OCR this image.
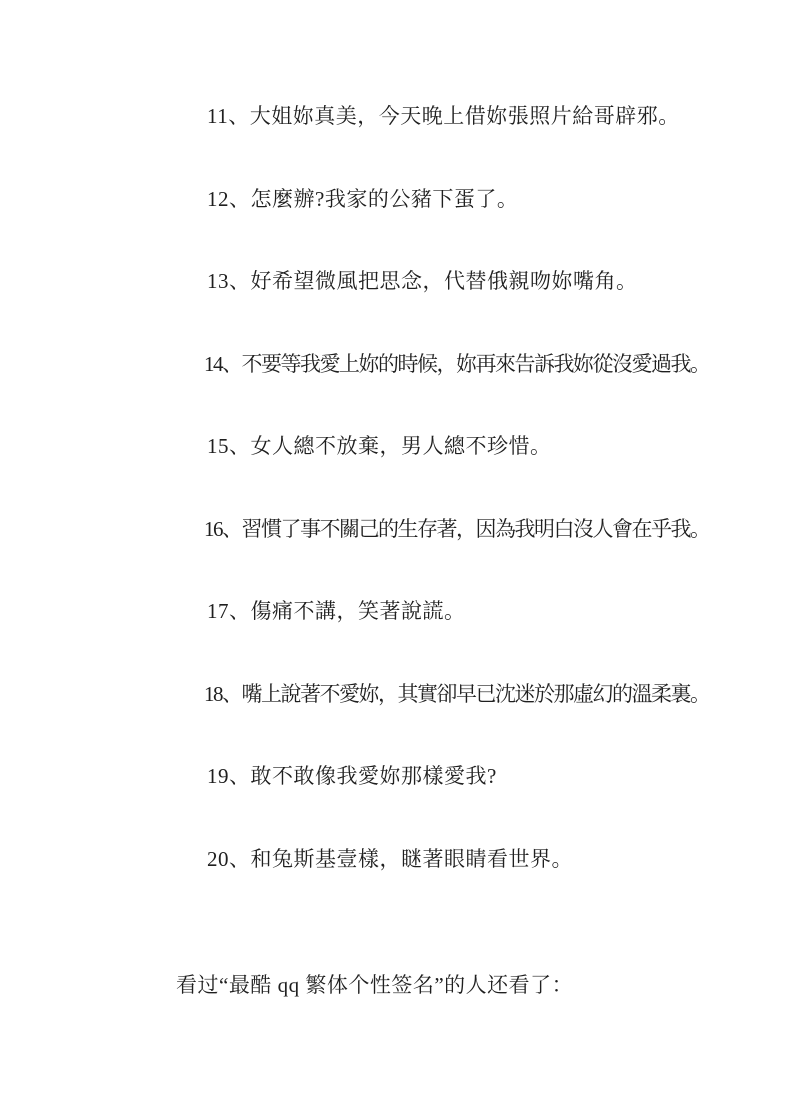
11、大姐妳真美，今天晚上借妳張照片給哥辟邪。

12、怎麼辦?我家的公豬下蛋了。

13、好希望微風把思念，代替俄親吻妳嘴角。

14、不要等我愛上妳的時候，妳再來告訴我妳從沒愛過我。

15、女人總不放棄，男人總不珍惜。

16、習慣了事不關己的生存著，因為我明白沒人會在乎我。

17、傷痛不講，笑著說謊。

18、嘴上說著不愛妳，其實卻早已沈迷於那虛幻的溫柔裏。

19、敢不敢像我愛妳那樣愛我?

20、和兔斯基壹樣，瞇著眼睛看世界。

看过“最酷 qq 繁体个性签名”的人还看了：
